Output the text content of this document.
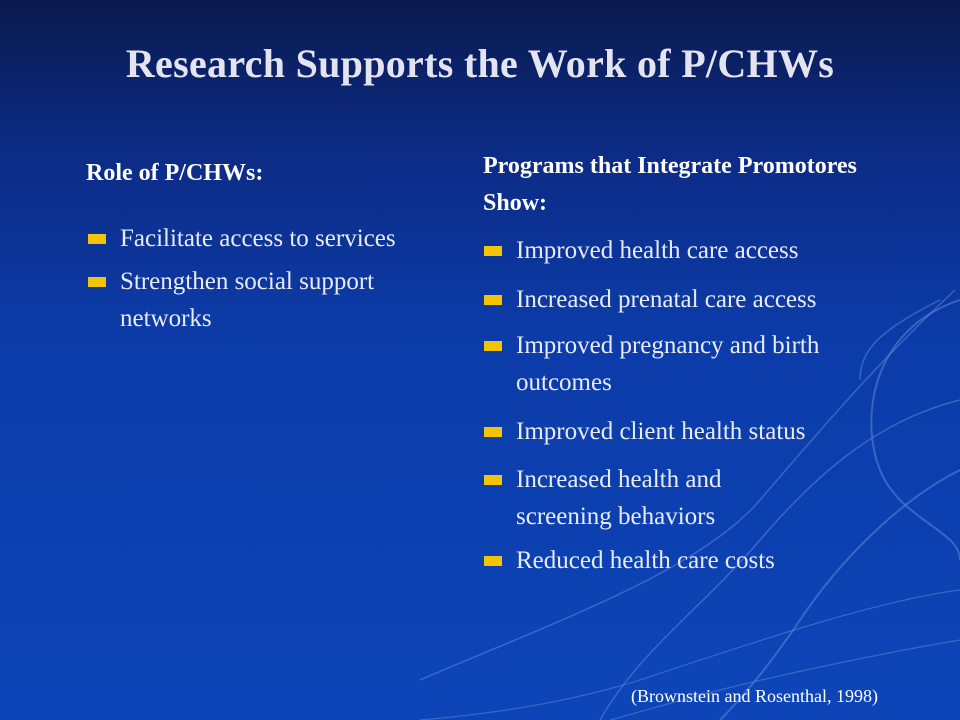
Research Supports the Work of P/CHWs
Role of P/CHWs:
Facilitate access to services
Strengthen social support networks
Programs that Integrate Promotores Show:
Improved health care access
Increased prenatal care access
Improved pregnancy and birth outcomes
Improved client health status
Increased health and screening behaviors
Reduced health care costs
(Brownstein and Rosenthal, 1998)
